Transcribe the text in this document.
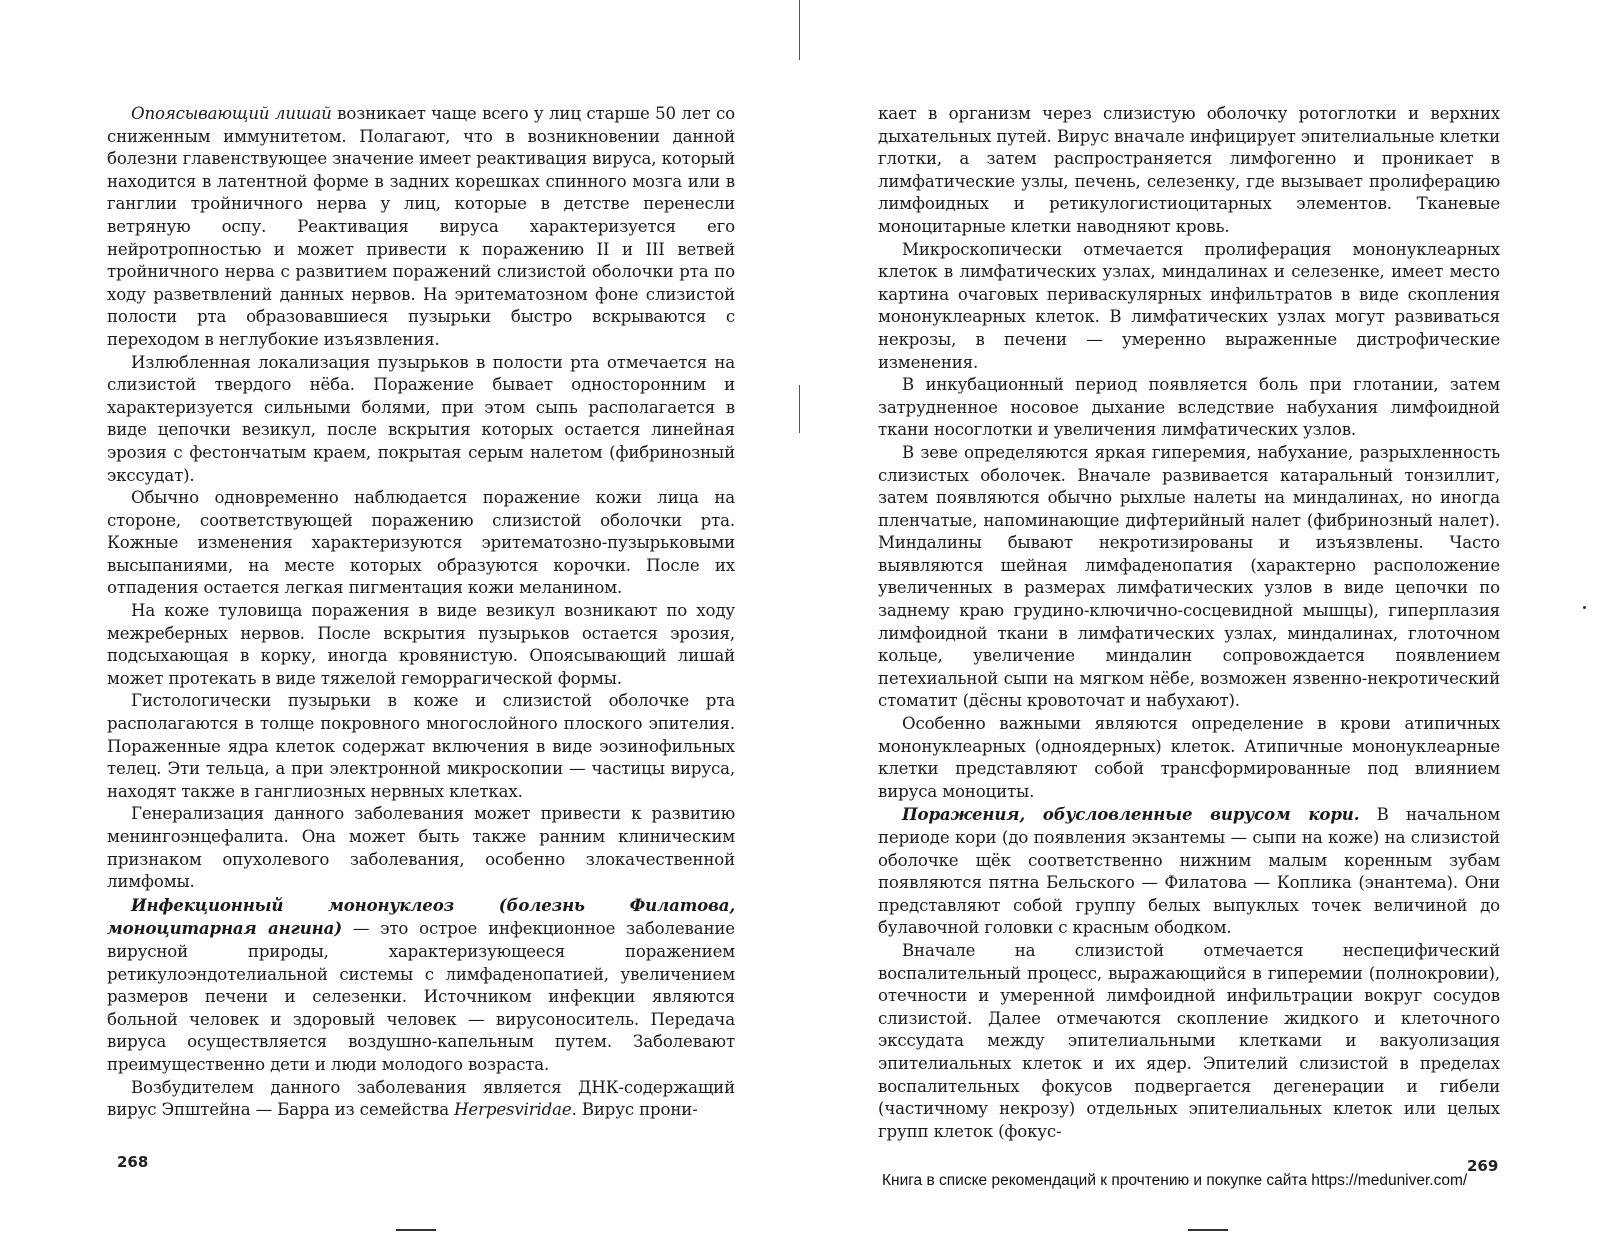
Опоясывающий лишай возникает чаще всего у лиц старше 50 лет со сниженным иммунитетом. Полагают, что в возникновении данной болезни главенствующее значение имеет реактивация вируса, который находится в латентной форме в задних корешках спинного мозга или в ганглии тройничного нерва у лиц, которые в детстве перенесли ветряную оспу. Реактивация вируса характеризуется его нейротропностью и может привести к поражению II и III ветвей тройничного нерва с развитием поражений слизистой оболочки рта по ходу разветвлений данных нервов. На эритематозном фоне слизистой полости рта образовавшиеся пузырьки быстро вскрываются с переходом в неглубокие изъязвления.

Излюбленная локализация пузырьков в полости рта отмечается на слизистой твердого нёба. Поражение бывает односторонним и характеризуется сильными болями, при этом сыпь располагается в виде цепочки везикул, после вскрытия которых остается линейная эрозия с фестончатым краем, покрытая серым налетом (фибринозный экссудат).

Обычно одновременно наблюдается поражение кожи лица на стороне, соответствующей поражению слизистой оболочки рта. Кожные изменения характеризуются эритематозно-пузырьковыми высыпаниями, на месте которых образуются корочки. После их отпадения остается легкая пигментация кожи меланином.

На коже туловища поражения в виде везикул возникают по ходу межреберных нервов. После вскрытия пузырьков остается эрозия, подсыхающая в корку, иногда кровянистую. Опоясывающий лишай может протекать в виде тяжелой геморрагической формы.

Гистологически пузырьки в коже и слизистой оболочке рта располагаются в толще покровного многослойного плоского эпителия. Пораженные ядра клеток содержат включения в виде эозинофильных телец. Эти тельца, а при электронной микроскопии — частицы вируса, находят также в ганглиозных нервных клетках.

Генерализация данного заболевания может привести к развитию менингоэнцефалита. Она может быть также ранним клиническим признаком опухолевого заболевания, особенно злокачественной лимфомы.

Инфекционный мононуклеоз (болезнь Филатова, моноцитарная ангина) — это острое инфекционное заболевание вирусной природы, характеризующееся поражением ретикулоэндотелиальной системы с лимфаденопатией, увеличением размеров печени и селезенки. Источником инфекции являются больной человек и здоровый человек — вирусоноситель. Передача вируса осуществляется воздушно-капельным путем. Заболевают преимущественно дети и люди молодого возраста.

Возбудителем данного заболевания является ДНК-содержащий вирус Эпштейна — Барра из семейства Herpesviridae. Вирус прони-

268

кает в организм через слизистую оболочку ротоглотки и верхних дыхательных путей. Вирус вначале инфицирует эпителиальные клетки глотки, а затем распространяется лимфогенно и проникает в лимфатические узлы, печень, селезенку, где вызывает пролиферацию лимфоидных и ретикулогистиоцитарных элементов. Тканевые моноцитарные клетки наводняют кровь.

Микроскопически отмечается пролиферация мононуклеарных клеток в лимфатических узлах, миндалинах и селезенке, имеет место картина очаговых периваскулярных инфильтратов в виде скопления мононуклеарных клеток. В лимфатических узлах могут развиваться некрозы, в печени — умеренно выраженные дистрофические изменения.

В инкубационный период появляется боль при глотании, затем затрудненное носовое дыхание вследствие набухания лимфоидной ткани носоглотки и увеличения лимфатических узлов.

В зеве определяются яркая гиперемия, набухание, разрыхленность слизистых оболочек. Вначале развивается катаральный тонзиллит, затем появляются обычно рыхлые налеты на миндалинах, но иногда пленчатые, напоминающие дифтерийный налет (фибринозный налет). Миндалины бывают некротизированы и изъязвлены. Часто выявляются шейная лимфаденопатия (характерно расположение увеличенных в размерах лимфатических узлов в виде цепочки по заднему краю грудино-ключично-сосцевидной мышцы), гиперплазия лимфоидной ткани в лимфатических узлах, миндалинах, глоточном кольце, увеличение миндалин сопровождается появлением петехиальной сыпи на мягком нёбе, возможен язвенно-некротический стоматит (дёсны кровоточат и набухают).

Особенно важными являются определение в крови атипичных мононуклеарных (одноядерных) клеток. Атипичные мононуклеарные клетки представляют собой трансформированные под влиянием вируса моноциты.

Поражения, обусловленные вирусом кори. В начальном периоде кори (до появления экзантемы — сыпи на коже) на слизистой оболочке щёк соответственно нижним малым коренным зубам появляются пятна Бельского — Филатова — Коплика (энантема). Они представляют собой группу белых выпуклых точек величиной до булавочной головки с красным ободком.

Вначале на слизистой отмечается неспецифический воспалительный процесс, выражающийся в гиперемии (полнокровии), отечности и умеренной лимфоидной инфильтрации вокруг сосудов слизистой. Далее отмечаются скопление жидкого и клеточного экссудата между эпителиальными клетками и вакуолизация эпителиальных клеток и их ядер. Эпителий слизистой в пределах воспалительных фокусов подвергается дегенерации и гибели (частичному некрозу) отдельных эпителиальных клеток или целых групп клеток (фокус-

269
Книга в списке рекомендаций к прочтению и покупке сайта https://meduniver.com/
